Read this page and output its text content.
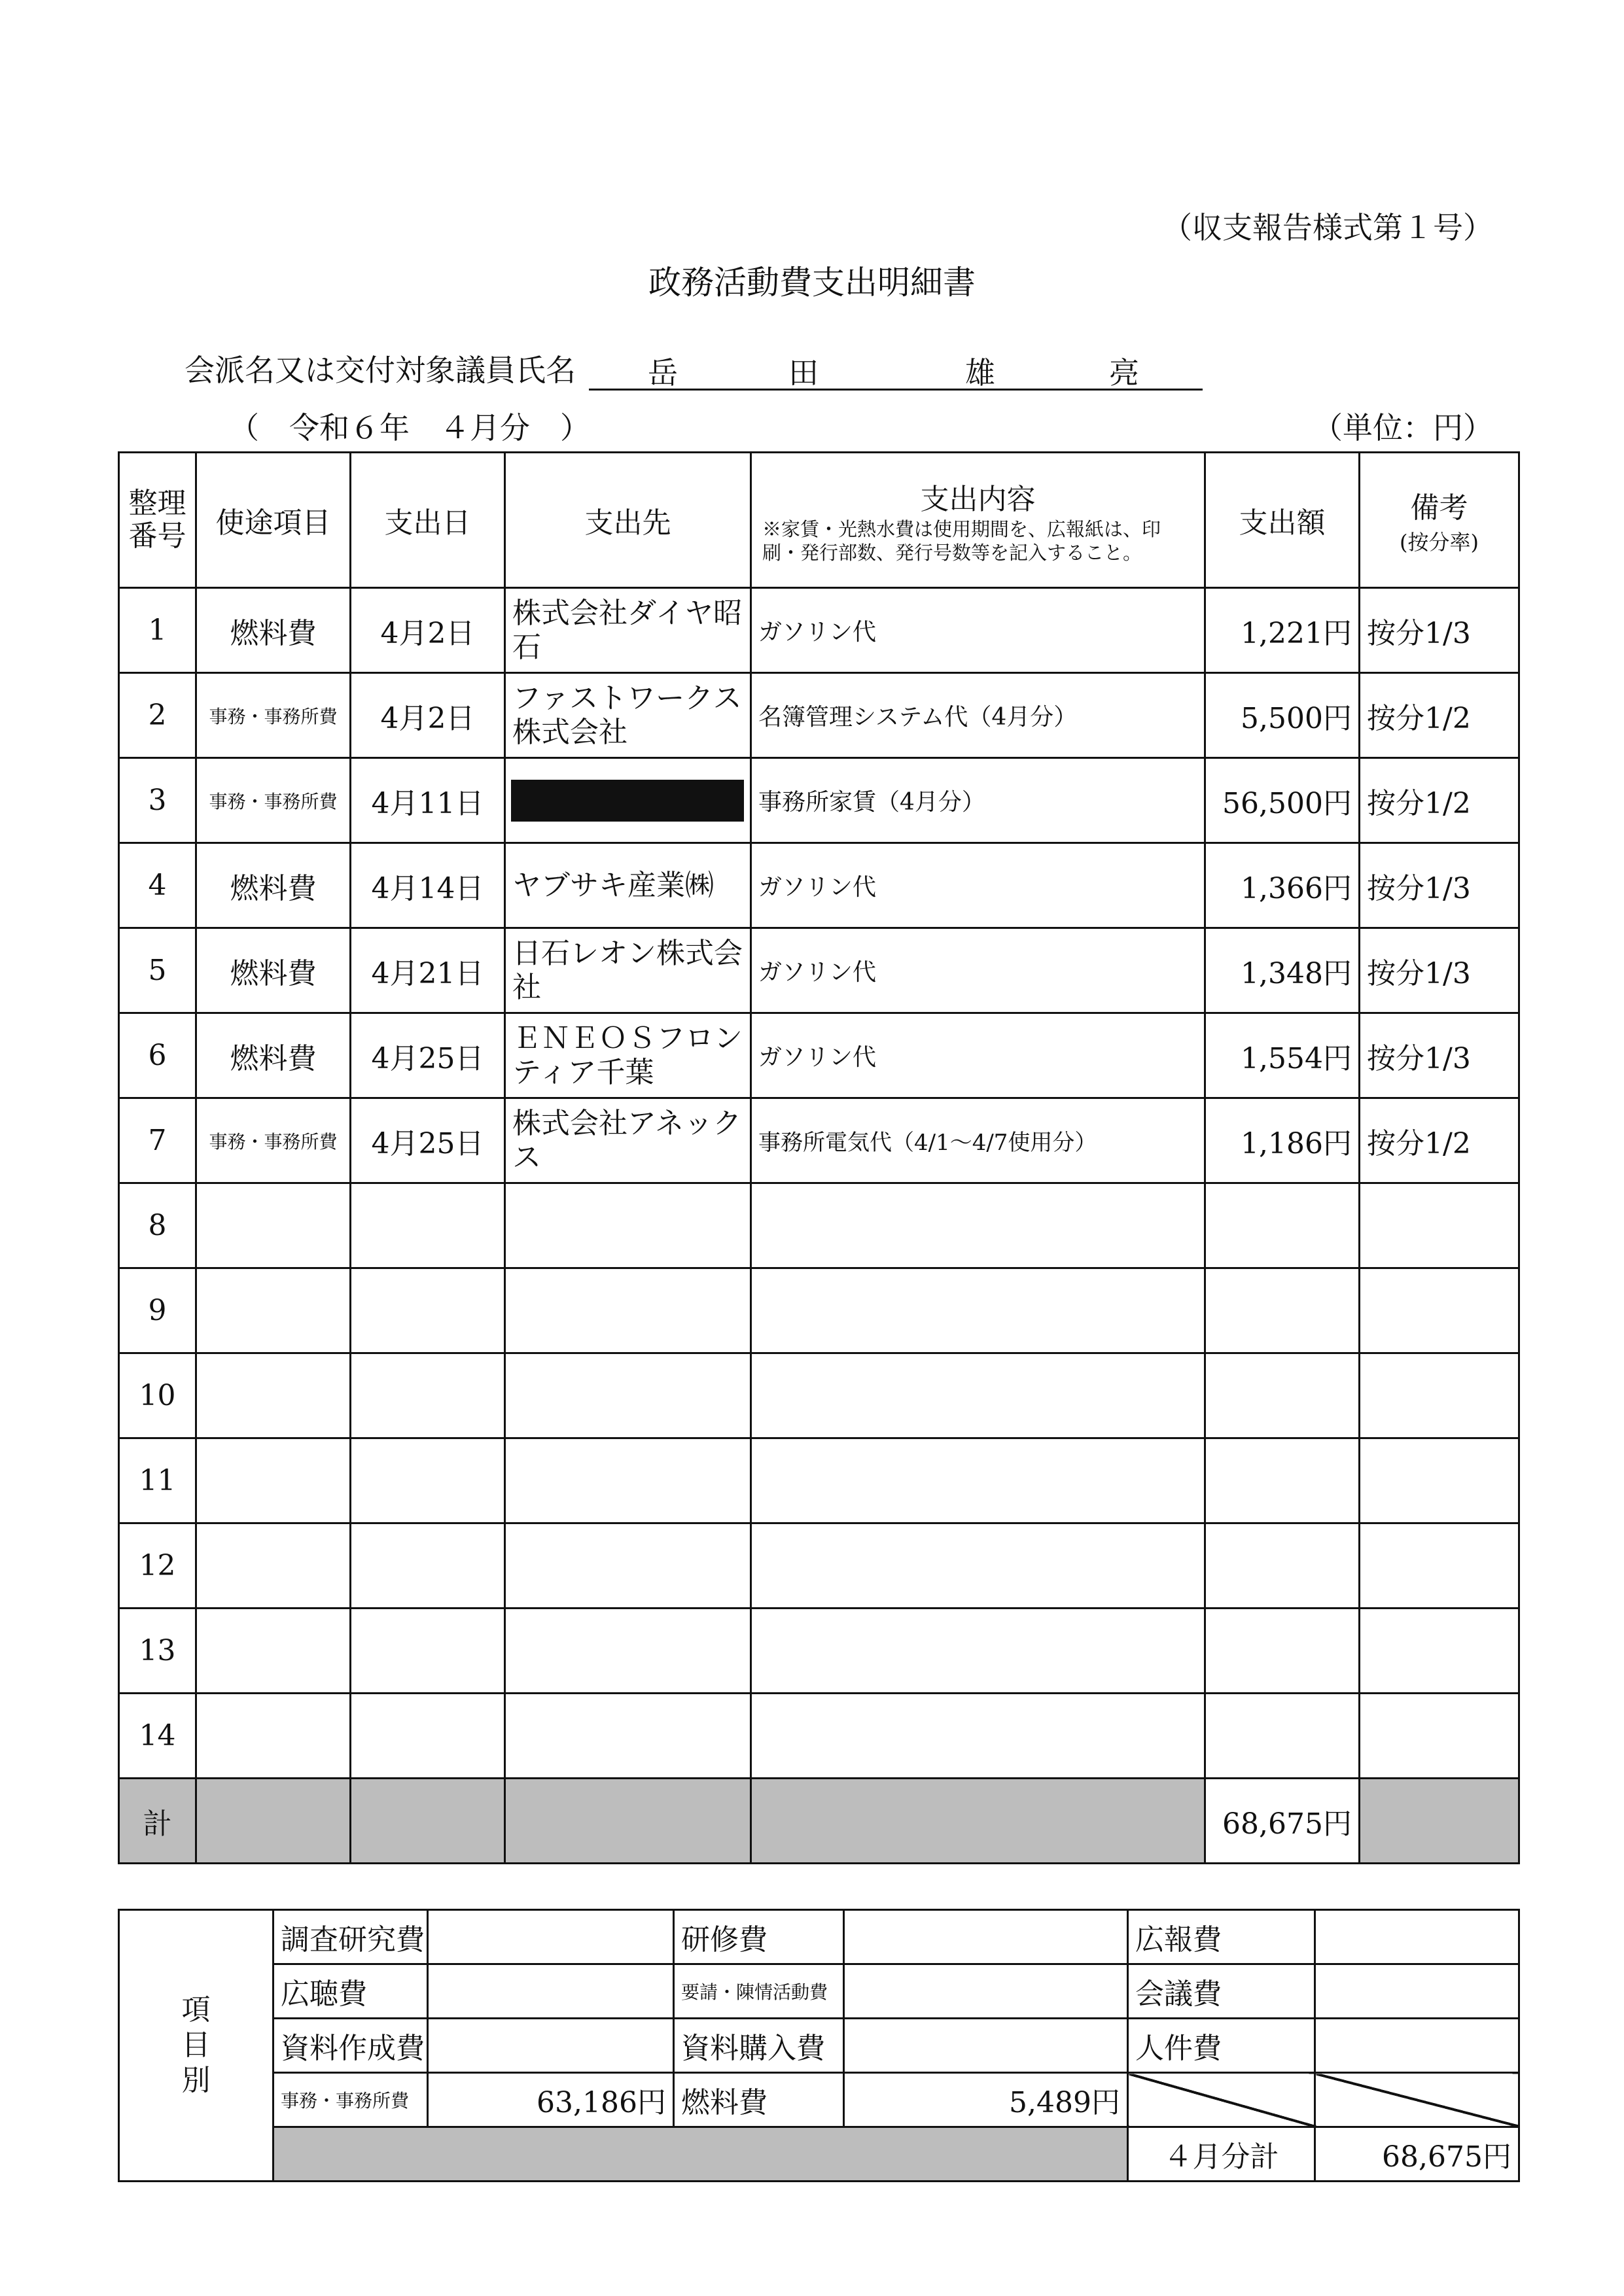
（収支報告様式第１号）
政務活動費支出明細書
会派名又は交付対象議員氏名 岳	田	雄	亮
（　令和６年　４月分　）	（単位：円）
整理番号	使途項目	支出日	支出先	支出内容
※家賃・光熱水費は使用期間を、広報紙は、印刷・発行部数、発行号数等を記入すること。	支出額	備考
(按分率)

1	燃料費	4月2日	株式会社ダイヤ昭石	ガソリン代	1,221円	按分1/3
2	事務・事務所費	4月2日	ファストワークス株式会社	名簿管理システム代（4月分）	5,500円	按分1/2
3	事務・事務所費	4月11日		事務所家賃（4月分）	56,500円	按分1/2
4	燃料費	4月14日	ヤブサキ産業㈱	ガソリン代	1,366円	按分1/3
5	燃料費	4月21日	日石レオン株式会社	ガソリン代	1,348円	按分1/3
6	燃料費	4月25日	ＥＮＥＯＳフロンティア千葉	ガソリン代	1,554円	按分1/3
7	事務・事務所費	4月25日	株式会社アネックス	事務所電気代（4/1～4/7使用分）	1,186円	按分1/2
8						
9						
10						
11						
12						
13						
14						
計					68,675円	
項目別	調査研究費		研修費		広報費	
	広聴費		要請・陳情活動費		会議費	
	資料作成費		資料購入費		人件費	
	事務・事務所費	63,186円	燃料費	5,489円		
					４月分計	68,675円
